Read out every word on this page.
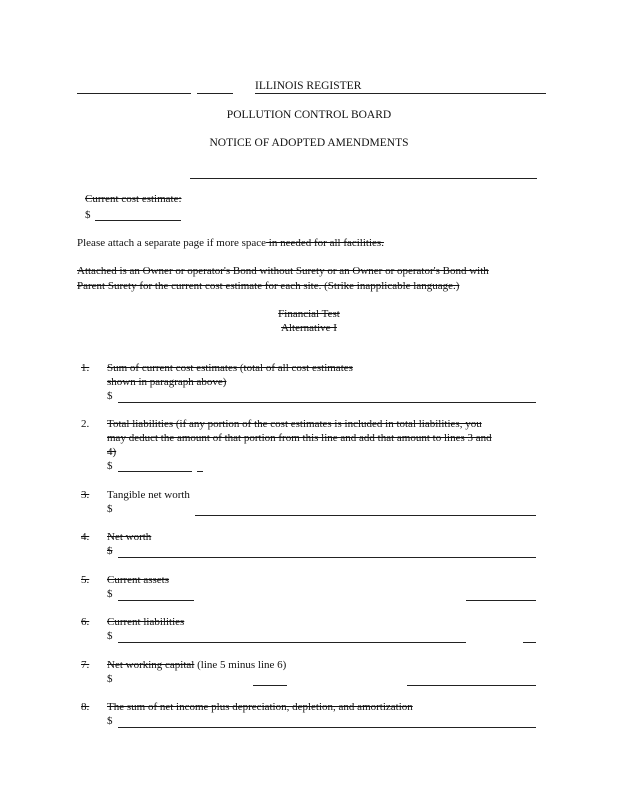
ILLINOIS REGISTER
POLLUTION CONTROL BOARD
NOTICE OF ADOPTED AMENDMENTS
Current cost estimate:
$
Please attach a separate page if more space in needed for all facilities.
Attached is an Owner or operator's Bond without Surety or an Owner or operator's Bond with
Parent Surety for the current cost estimate for each site. (Strike inapplicable language.)
Financial Test
Alternative I
1. Sum of current cost estimates (total of all cost estimates
shown in paragraph above)
$
2. Total liabilities (if any portion of the cost estimates is included in total liabilities, you
may deduct the amount of that portion from this line and add that amount to lines 3 and
4)
$
3. Tangible net worth
$
4. Net worth
$
5. Current assets
$
6. Current liabilities
$
7. Net working capital (line 5 minus line 6)
$
8. The sum of net income plus depreciation, depletion, and amortization
$
